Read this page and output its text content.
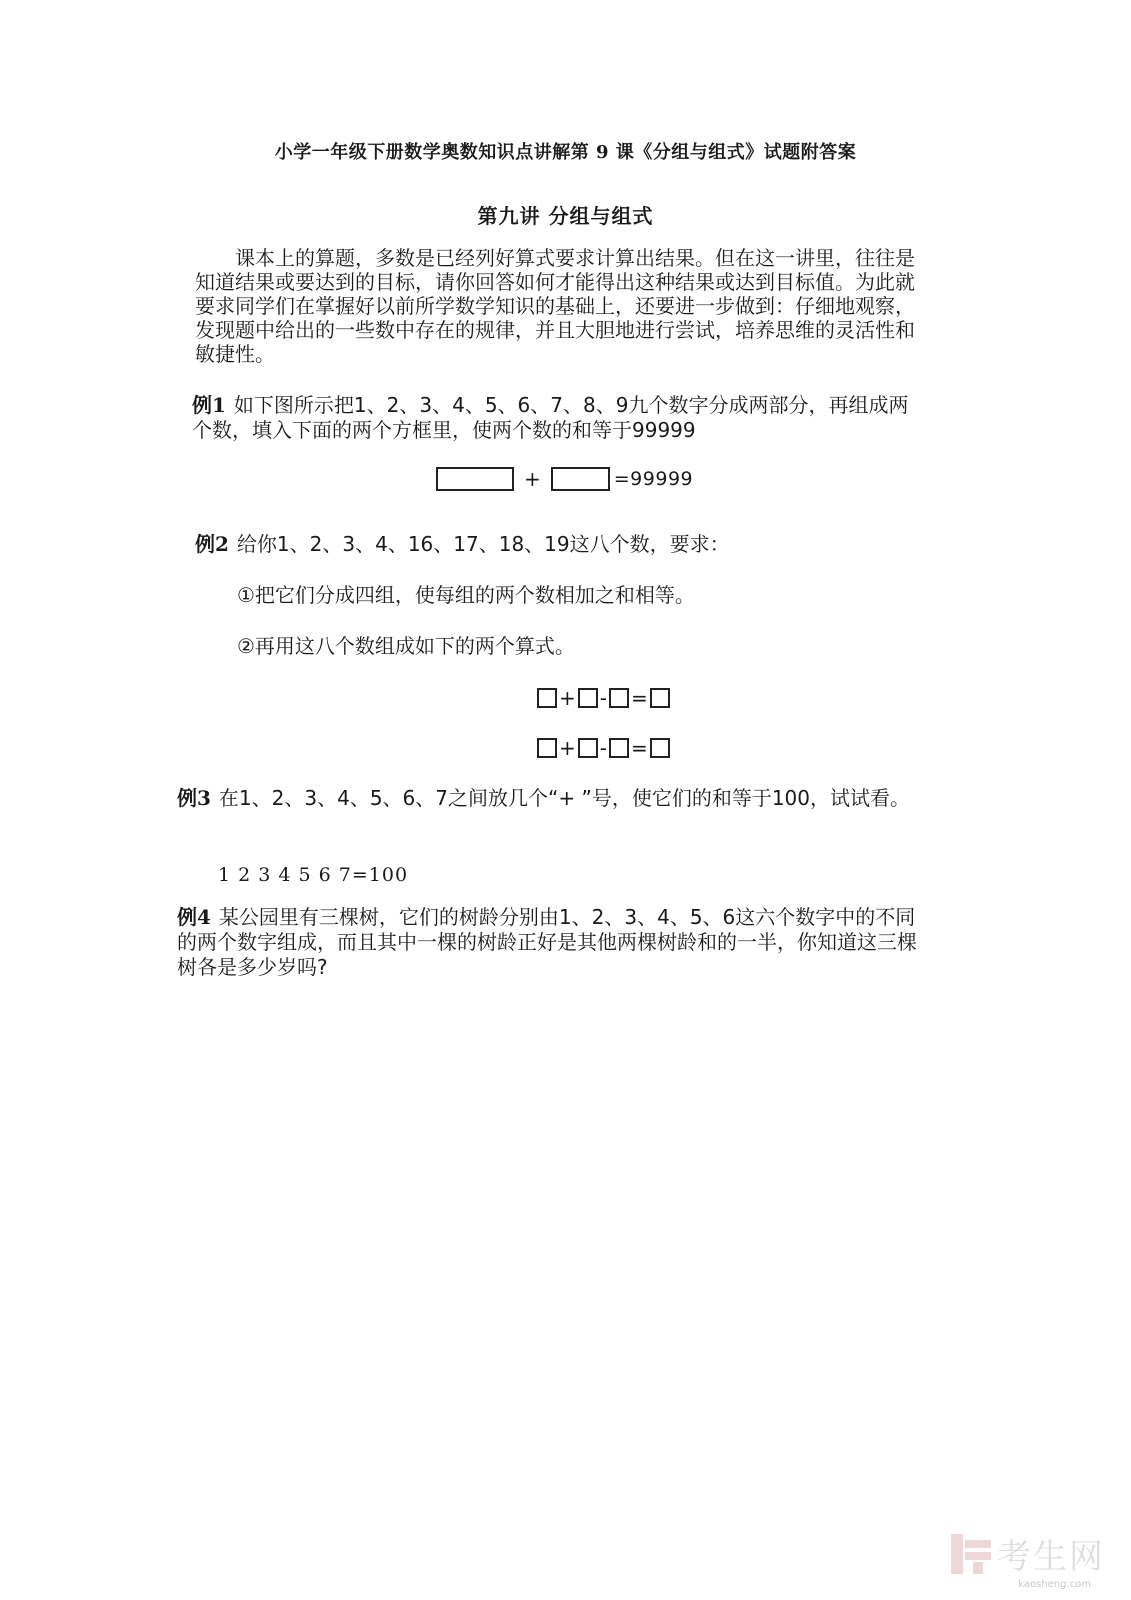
小学一年级下册数学奥数知识点讲解第 9 课《分组与组式》试题附答案
第九讲 分组与组式

课本上的算题，多数是已经列好算式要求计算出结果。但在这一讲里，往往是知道结果或要达到的目标，请你回答如何才能得出这种结果或达到目标值。为此就要求同学们在掌握好以前所学数学知识的基础上，还要进一步做到：仔细地观察，发现题中给出的一些数中存在的规律，并且大胆地进行尝试，培养思维的灵活性和敏捷性。

例1 如下图所示把1、2、3、4、5、6、7、8、9九个数字分成两部分，再组成两个数，填入下面的两个方框里，使两个数的和等于99999

+	=99999

例2 给你1、2、3、4、16、17、18、19这八个数，要求：

①把它们分成四组，使每组的两个数相加之和相等。

②再用这八个数组成如下的两个算式。

+ - =
+ - =

例3 在1、2、3、4、5、6、7之间放几个“+ ”号，使它们的和等于100，试试看。

1 2 3 4 5 6 7=100

例4 某公园里有三棵树，它们的树龄分别由1、2、3、4、5、6这六个数字中的不同的两个数字组成，而且其中一棵的树龄正好是其他两棵树龄和的一半，你知道这三棵树各是多少岁吗?

考生网
kaosheng.com
